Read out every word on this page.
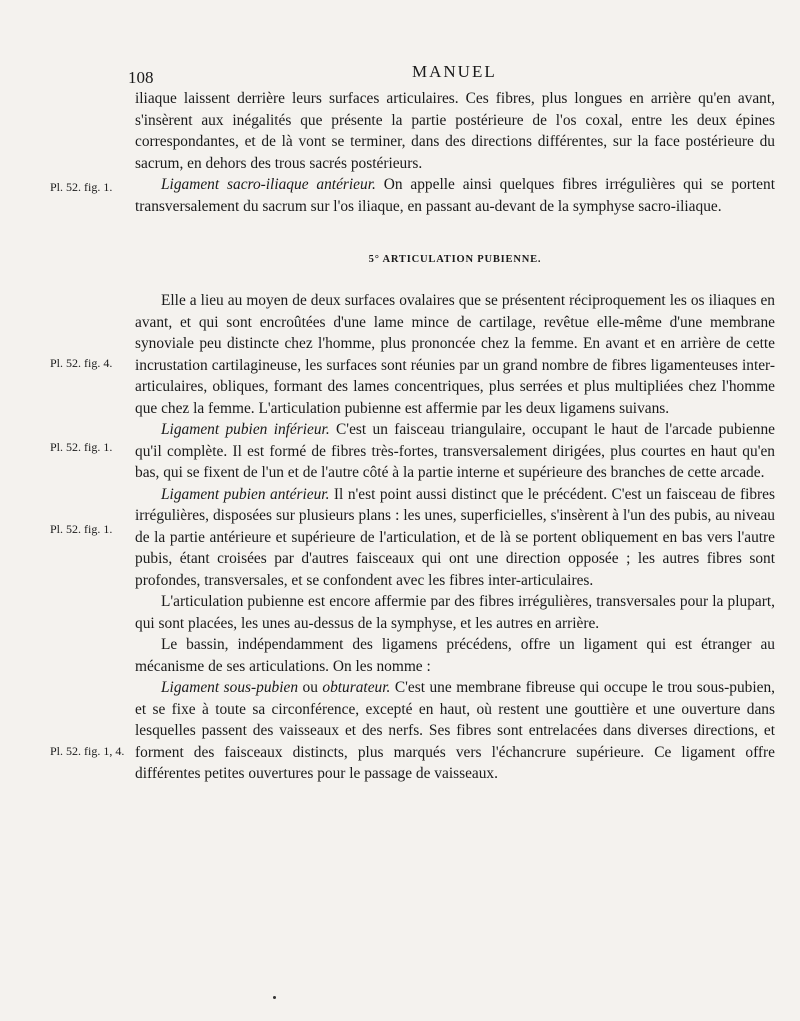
108	MANUEL
Pl. 52. fig. 1.
Pl. 52. fig. 4.
Pl. 52. fig. 1.
Pl. 52. fig. 1.
Pl. 52. fig. 1, 4.

iliaque laissent derrière leurs surfaces articulaires. Ces fibres, plus longues en arrière qu'en avant, s'insèrent aux inégalités que présente la partie postérieure de l'os coxal, entre les deux épines correspondantes, et de là vont se terminer, dans des directions différentes, sur la face postérieure du sacrum, en dehors des trous sacrés postérieurs.

Ligament sacro-iliaque antérieur. On appelle ainsi quelques fibres irrégulières qui se portent transversalement du sacrum sur l'os iliaque, en passant au-devant de la symphyse sacro-iliaque.

5° ARTICULATION PUBIENNE.

Elle a lieu au moyen de deux surfaces ovalaires que se présentent réciproquement les os iliaques en avant, et qui sont encroûtées d'une lame mince de cartilage, revêtue elle-même d'une membrane synoviale peu distincte chez l'homme, plus prononcée chez la femme. En avant et en arrière de cette incrustation cartilagineuse, les surfaces sont réunies par un grand nombre de fibres ligamenteuses inter-articulaires, obliques, formant des lames concentriques, plus serrées et plus multipliées chez l'homme que chez la femme. L'articulation pubienne est affermie par les deux ligamens suivans.

Ligament pubien inférieur. C'est un faisceau triangulaire, occupant le haut de l'arcade pubienne qu'il complète. Il est formé de fibres très-fortes, transversalement dirigées, plus courtes en haut qu'en bas, qui se fixent de l'un et de l'autre côté à la partie interne et supérieure des branches de cette arcade.

Ligament pubien antérieur. Il n'est point aussi distinct que le précédent. C'est un faisceau de fibres irrégulières, disposées sur plusieurs plans : les unes, superficielles, s'insèrent à l'un des pubis, au niveau de la partie antérieure et supérieure de l'articulation, et de là se portent obliquement en bas vers l'autre pubis, étant croisées par d'autres faisceaux qui ont une direction opposée ; les autres fibres sont profondes, transversales, et se confondent avec les fibres inter-articulaires.

L'articulation pubienne est encore affermie par des fibres irrégulières, transversales pour la plupart, qui sont placées, les unes au-dessus de la symphyse, et les autres en arrière.

Le bassin, indépendamment des ligamens précédens, offre un ligament qui est étranger au mécanisme de ses articulations. On les nomme :

Ligament sous-pubien ou obturateur. C'est une membrane fibreuse qui occupe le trou sous-pubien, et se fixe à toute sa circonférence, excepté en haut, où restent une gouttière et une ouverture dans lesquelles passent des vaisseaux et des nerfs. Ses fibres sont entrelacées dans diverses directions, et forment des faisceaux distincts, plus marqués vers l'échancrure supérieure. Ce ligament offre différentes petites ouvertures pour le passage de vaisseaux.
